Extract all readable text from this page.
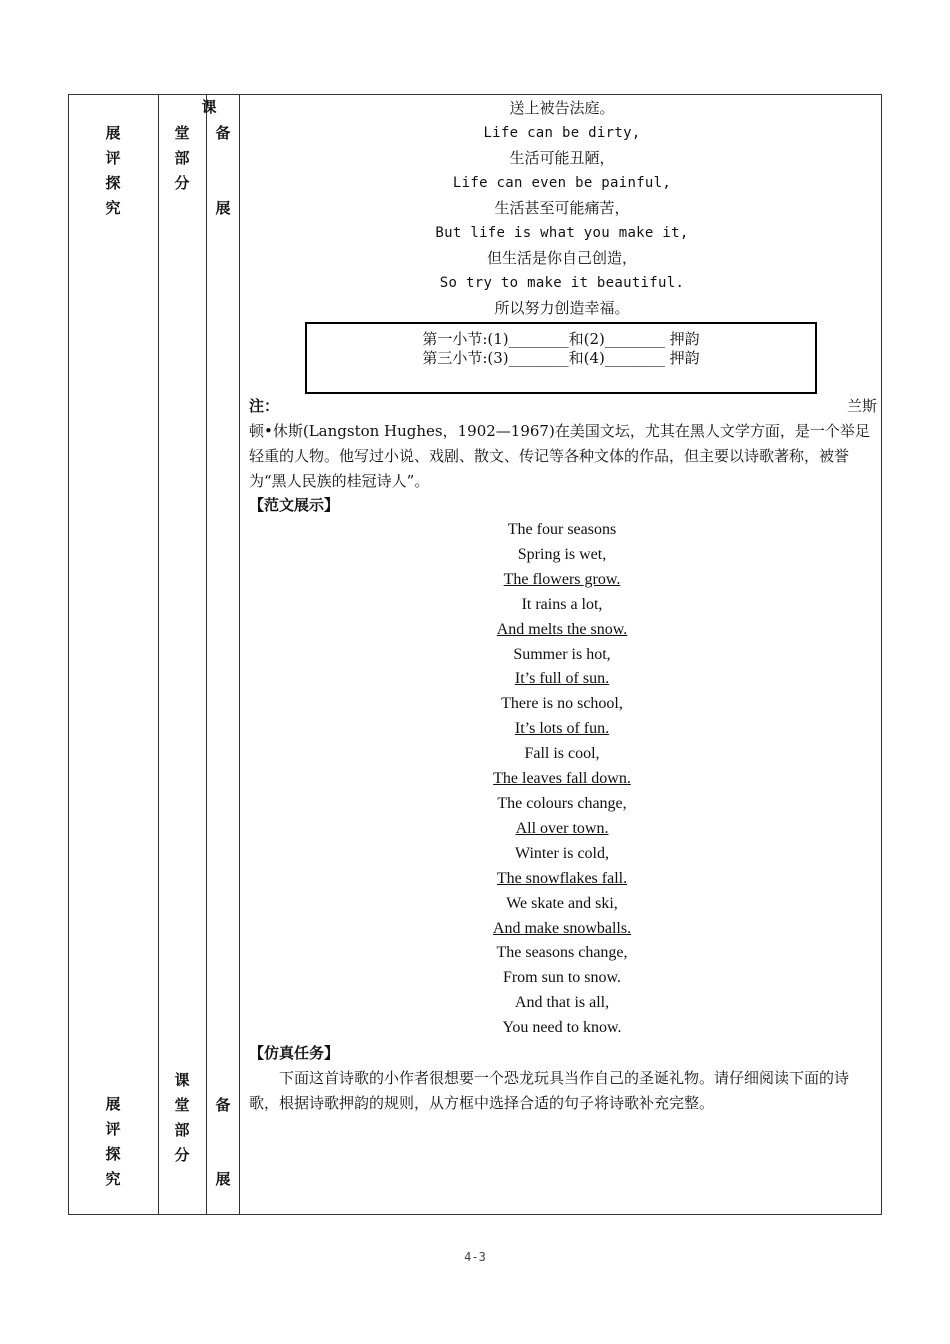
展
评
探
究
展
评
探
究
课
堂
部
分
课
堂
部
分
备
展
备
展
送上被告法庭。
Life can be dirty,
生活可能丑陋，
Life can even be painful,
生活甚至可能痛苦，
But life is what you make it,
但生活是你自己创造，
So try to make it beautiful.
所以努力创造幸福。
第一小节:(1)________和(2)________ 押韵
第三小节:(3)________和(4)________ 押韵
注：	兰斯
顿•休斯(Langston Hughes，1902—1967)在美国文坛，尤其在黑人文学方面，是一个举足轻重的人物。他写过小说、戏剧、散文、传记等各种文体的作品，但主要以诗歌著称，被誉为“黑人民族的桂冠诗人”。
【范文展示】
The four seasons
Spring is wet,
The flowers grow.
It rains a lot,
And melts the snow.
Summer is hot,
It’s full of sun.
There is no school,
It’s lots of fun.
Fall is cool,
The leaves fall down.
The colours change,
All over town.
Winter is cold,
The snowflakes fall.
We skate and ski,
And make snowballs.
The seasons change,
From sun to snow.
And that is all,
You need to know.
【仿真任务】
下面这首诗歌的小作者很想要一个恐龙玩具当作自己的圣诞礼物。请仔细阅读下面的诗歌，根据诗歌押韵的规则，从方框中选择合适的句子将诗歌补充完整。
4-3
